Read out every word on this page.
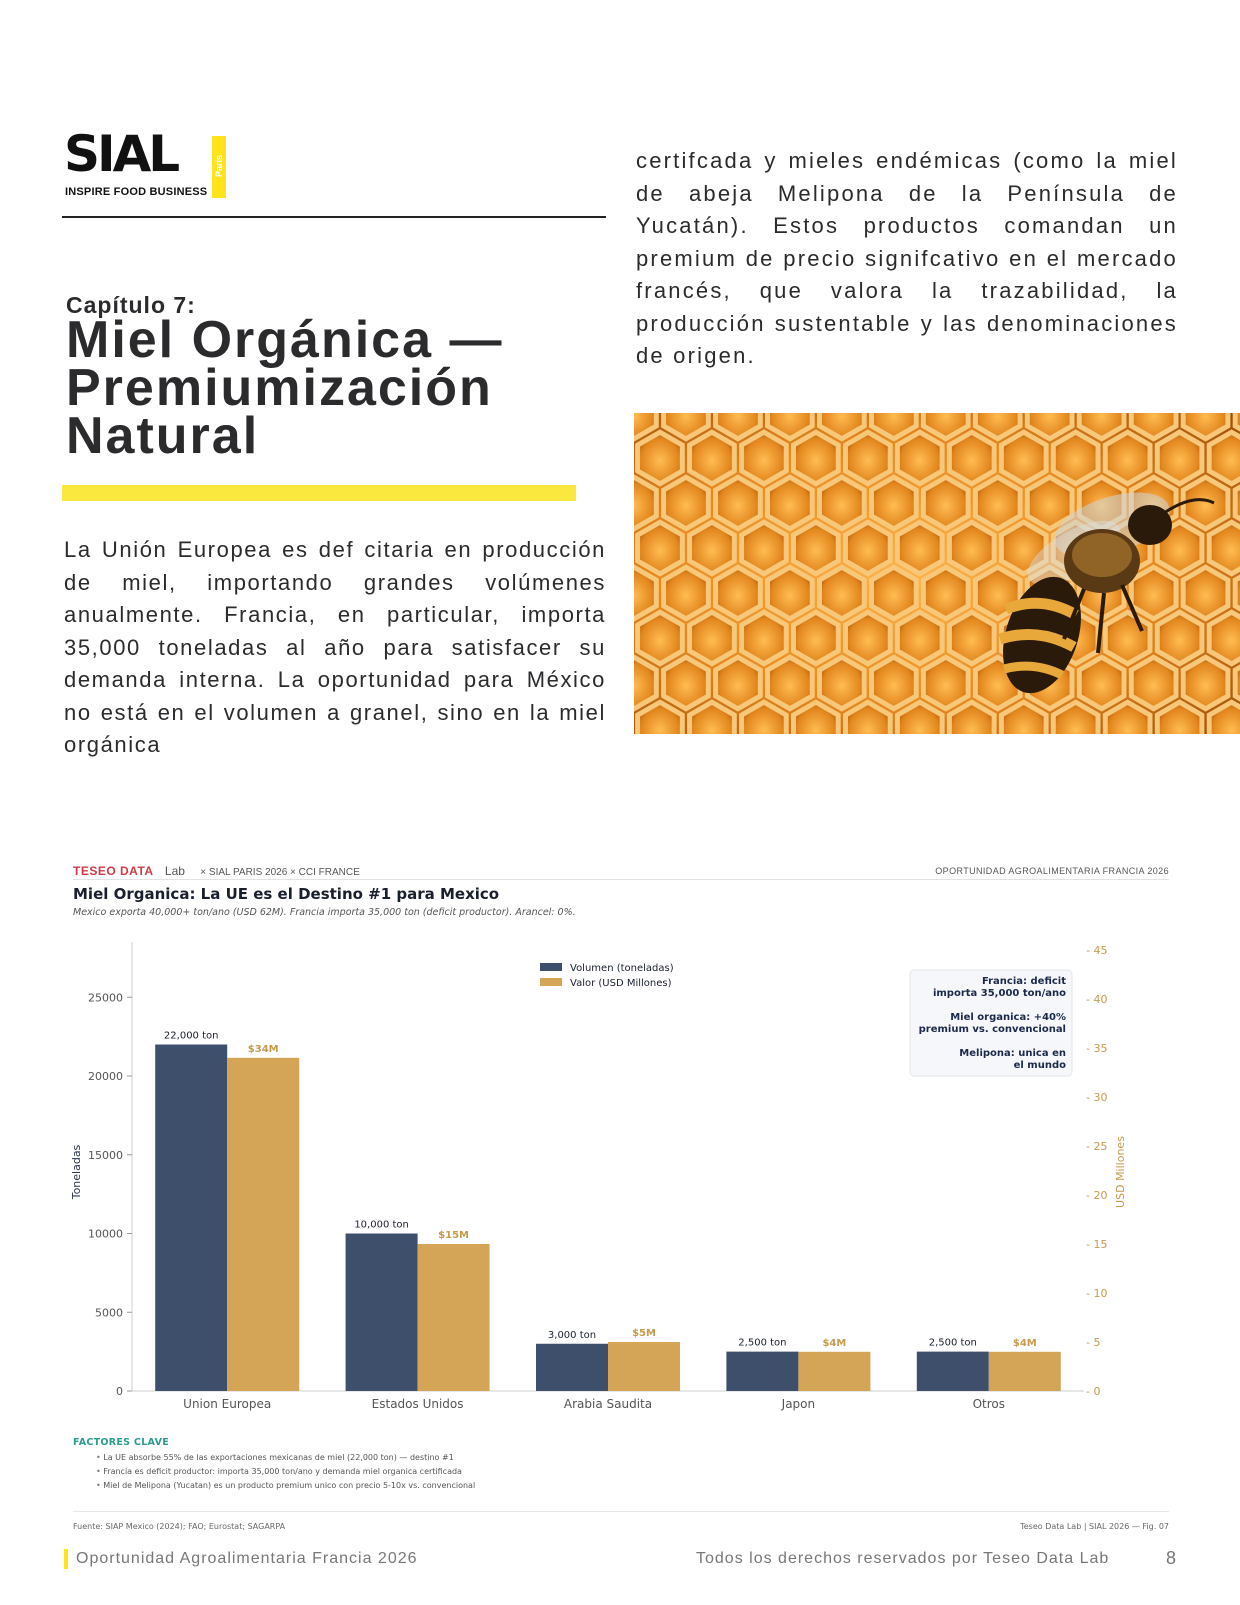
SIAL	Paris
INSPIRE FOOD BUSINESS
Capítulo 7:
Miel Orgánica — Premiumización Natural

La Unión Europea es def citaria en producción de miel, importando grandes volúmenes anualmente. Francia, en particular, importa 35,000 toneladas al año para satisfacer su demanda interna. La oportunidad para México no está en el volumen a granel, sino en la miel orgánica

certifcada y mieles endémicas (como la miel de abeja Melipona de la Península de Yucatán). Estos productos comandan un premium de precio signifcativo en el mercado francés, que valora la trazabilidad, la producción sustentable y las denominaciones de origen.

TESEO DATA Lab × SIAL PARIS 2026 × CCI FRANCE	OPORTUNIDAD AGROALIMENTARIA FRANCIA 2026
Miel Organica: La UE es el Destino #1 para Mexico
Mexico exporta 40,000+ ton/ano (USD 62M). Francia importa 35,000 ton (deficit productor). Arancel: 0%.
0
5000
10000
15000
20000
25000
- 0
- 5
- 10
- 15
- 20
- 25
- 30
- 35
- 40
- 45
Toneladas	USD Millones
22,000 ton
$34M
Union Europea
10,000 ton
$15M
Estados Unidos
3,000 ton	$5M
Arabia Saudita
2,500 ton	$4M
Japon
2,500 ton	$4M
Otros
Volumen (toneladas)
Valor (USD Millones)	Francia: deficit
importa 35,000 ton/ano
Miel organica: +40%
premium vs. convencional
Melipona: unica en
el mundo
FACTORES CLAVE
• La UE absorbe 55% de las exportaciones mexicanas de miel (22,000 ton) — destino #1
• Francia es deficit productor: importa 35,000 ton/ano y demanda miel organica certificada
• Miel de Melipona (Yucatan) es un producto premium unico con precio 5-10x vs. convencional
Fuente: SIAP Mexico (2024); FAO; Eurostat; SAGARPA	Teseo Data Lab | SIAL 2026 — Fig. 07
Oportunidad Agroalimentaria Francia 2026	Todos los derechos reservados por Teseo Data Lab	8
